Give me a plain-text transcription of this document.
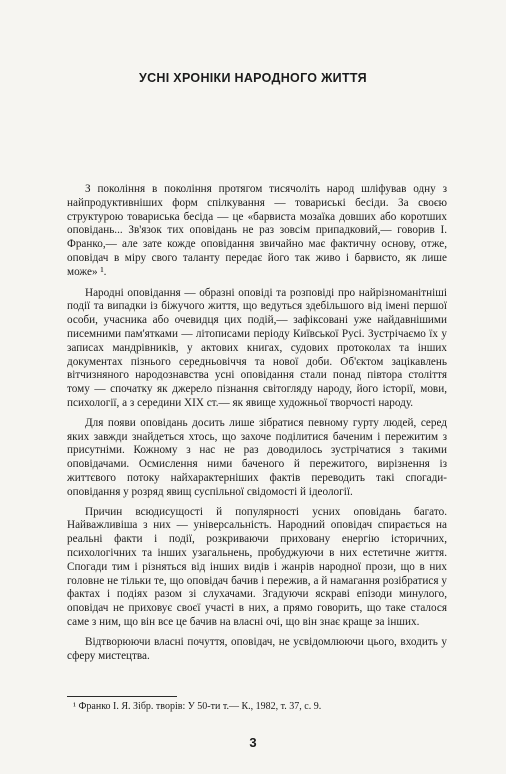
УСНІ ХРОНІКИ НАРОДНОГО ЖИТТЯ

З покоління в покоління протягом тисячоліть народ шліфував одну з найпродуктивніших форм спілкування — товариські бесіди. За своєю структурою товариська бесіда — це «барвиста мозаїка довших або коротших оповідань... Зв'язок тих оповідань не раз зовсім припадковий,— говорив І. Франко,— але зате кожде оповідання звичайно має фактичну основу, отже, оповідач в міру свого таланту передає його так живо і барвисто, як лише може» ¹.

Народні оповідання — образні оповіді та розповіді про найрізноманітніші події та випадки із біжучого життя, що ведуться здебільшого від імені першої особи, учасника або очевидця цих подій,— зафіксовані уже найдавнішими писемними пам'ятками — літописами періоду Київської Русі. Зустрічаємо їх у записах мандрівників, у актових книгах, судових протоколах та інших документах пізнього середньовіччя та нової доби. Об'єктом зацікавлень вітчизняного народознавства усні оповідання стали понад півтора століття тому — спочатку як джерело пізнання світогляду народу, його історії, мови, психології, а з середини XIX ст.— як явище художньої творчості народу.

Для появи оповідань досить лише зібратися певному гурту людей, серед яких завжди знайдеться хтось, що захоче поділитися баченим і пережитим з присутніми. Кожному з нас не раз доводилось зустрічатися з такими оповідачами. Осмислення ними баченого й пережитого, вирізнення із життєвого потоку найхарактерніших фактів переводить такі спогади-оповідання у розряд явищ суспільної свідомості й ідеології.

Причин всюдисущості й популярності усних оповідань багато. Найважливіша з них — універсальність. Народний оповідач спирається на реальні факти і події, розкриваючи приховану енергію історичних, психологічних та інших узагальнень, пробуджуючи в них естетичне життя. Спогади тим і різняться від інших видів і жанрів народної прози, що в них головне не тільки те, що оповідач бачив і пережив, а й намагання розібратися у фактах і подіях разом зі слухачами. Згадуючи яскраві епізоди минулого, оповідач не приховує своєї участі в них, а прямо говорить, що таке сталося саме з ним, що він все це бачив на власні очі, що він знає краще за інших.

Відтворюючи власні почуття, оповідач, не усвідомлюючи цього, входить у сферу мистецтва.

¹ Франко І. Я. Зібр. творів: У 50-ти т.— К., 1982, т. 37, с. 9.
3
